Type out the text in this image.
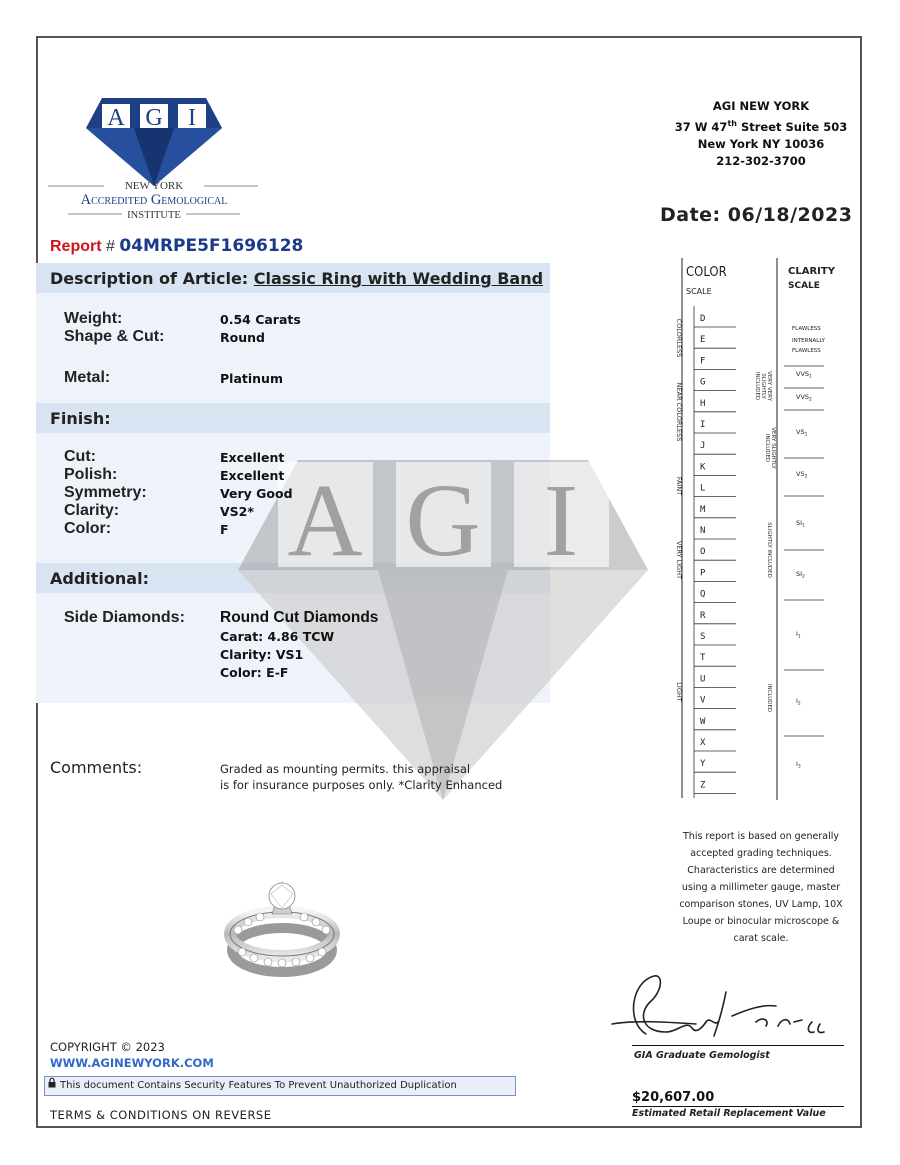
A G I
A G I
NEW YORK
Accredited Gemological
INSTITUTE
AGI NEW YORK
37 W 47th Street Suite 503
New York NY 10036
212-302-3700
Date: 06/18/2023
Report # 04MRPE5F1696128
Description of Article: Classic Ring with Wedding Band
Weight:	0.54 Carats
Shape & Cut:	Round
Metal:	Platinum
Finish:
Cut:	Excellent
Polish:	Excellent
Symmetry:	Very Good
Clarity:	VS2*
Color:	F
Additional:
Side Diamonds: Round Cut Diamonds
Carat: 4.86 TCW
Clarity: VS1
Color: E-F
Comments:	Graded as mounting permits. this appraisal
is for insurance purposes only. *Clarity Enhanced
COLOR
SCALE
CLARITY
SCALE
D
E
F
G
H
I
J
K
L
M
N
O
P
Q
R
S
T
U
V
W
X
Y
Z
COLORLESS
NEAR COLORLESS
FAINT
VERY LIGHT
LIGHT
FLAWLESS
INTERNALLY
FLAWLESS
$VVS_1$
$VVS_2$
$VS_1$
$VS_2$
$SI_1$
$SI_2$
$I_1$
$I_2$
$I_3$
VERY VERY
SLIGHTLY
INCLUDED
VERY SLIGHTLY
INCLUDED
SLIGHTLY INCLUDED
INCLUDED
This report is based on generally
accepted grading techniques.
Characteristics are determined
using a millimeter gauge, master
comparison stones, UV Lamp, 10X
Loupe or binocular microscope &
carat scale.
GIA Graduate Gemologist
$20,607.00
Estimated Retail Replacement Value
COPYRIGHT © 2023
WWW.AGINEWYORK.COM
This document Contains Security Features To Prevent Unauthorized Duplication
TERMS & CONDITIONS ON REVERSE
